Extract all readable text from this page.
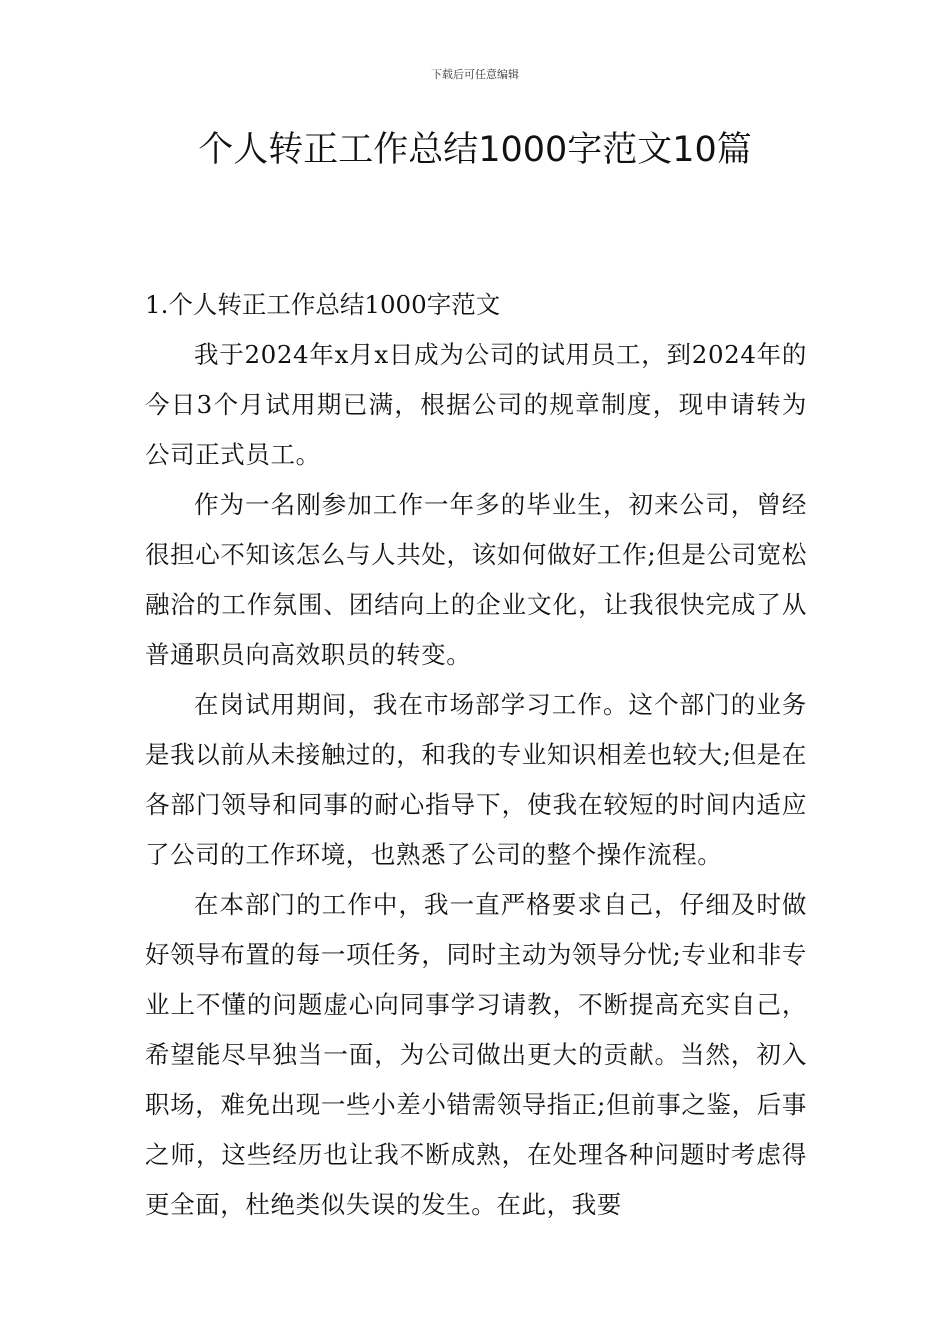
下载后可任意编辑
个人转正工作总结1000字范文10篇
1.个人转正工作总结1000字范文

我于2024年x月x日成为公司的试用员工，到2024年的今日3个月试用期已满，根据公司的规章制度，现申请转为公司正式员工。

作为一名刚参加工作一年多的毕业生，初来公司，曾经很担心不知该怎么与人共处，该如何做好工作;但是公司宽松融洽的工作氛围、团结向上的企业文化，让我很快完成了从普通职员向高效职员的转变。

在岗试用期间，我在市场部学习工作。这个部门的业务是我以前从未接触过的，和我的专业知识相差也较大;但是在各部门领导和同事的耐心指导下，使我在较短的时间内适应了公司的工作环境，也熟悉了公司的整个操作流程。

在本部门的工作中，我一直严格要求自己，仔细及时做好领导布置的每一项任务，同时主动为领导分忧;专业和非专业上不懂的问题虚心向同事学习请教，不断提高充实自己，希望能尽早独当一面，为公司做出更大的贡献。当然，初入职场，难免出现一些小差小错需领导指正;但前事之鉴，后事之师，这些经历也让我不断成熟，在处理各种问题时考虑得更全面，杜绝类似失误的发生。在此，我要
